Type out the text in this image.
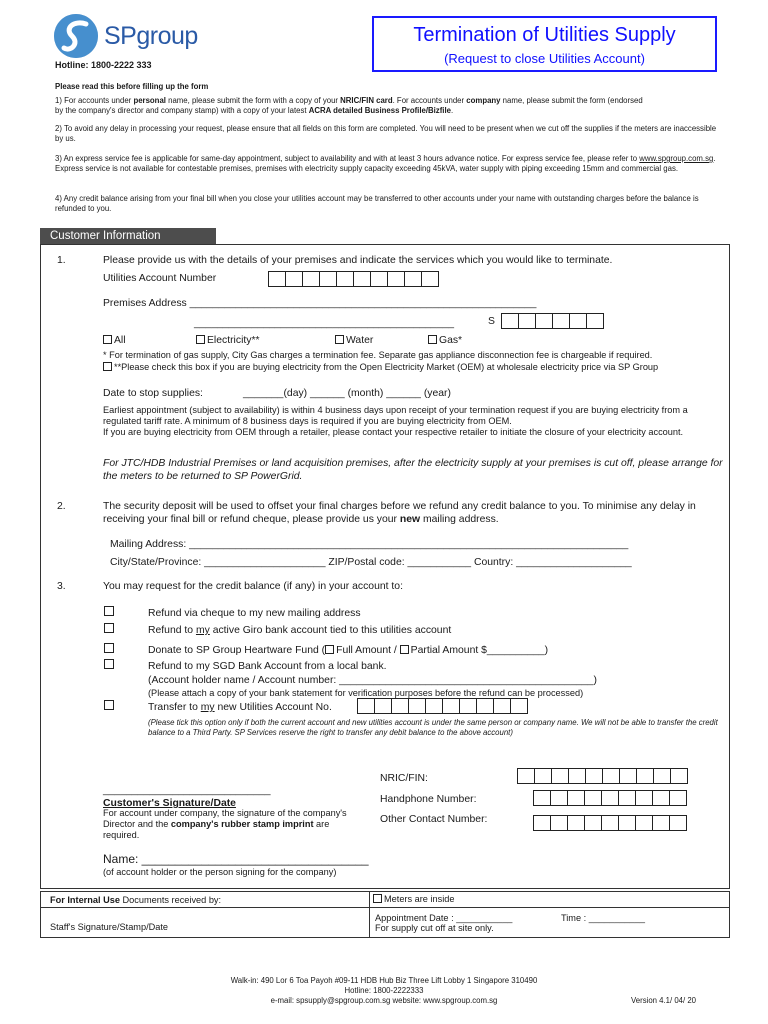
SPgroup
Hotline: 1800-2222 333
Termination of Utilities Supply
(Request to close Utilities Account)
Please read this before filling up the form
1) For accounts under personal name, please submit the form with a copy of your NRIC/FIN card. For accounts under company name, please submit the form (endorsed
by the company's director and company stamp) with a copy of your latest ACRA detailed Business Profile/Bizfile.
2) To avoid any delay in processing your request, please ensure that all fields on this form are completed. You will need to be present when we cut off the supplies if the meters are inaccessible by us.
3) An express service fee is applicable for same-day appointment, subject to availability and with at least 3 hours advance notice. For express service fee, please refer to www.spgroup.com.sg. Express service is not available for contestable premises, premises with electricity supply capacity exceeding 45kVA, water supply with piping exceeding 15mm and commercial gas.
4) Any credit balance arising from your final bill when you close your utilities account may be transferred to other accounts under your name with outstanding charges before the balance is refunded to you.
Customer Information
1.	Please provide us with the details of your premises and indicate the services which you would like to terminate.
Utilities Account Number
Premises Address ____________________________________________________________
_____________________________________________	S
All	Electricity**	Water	Gas*
* For termination of gas supply, City Gas charges a termination fee. Separate gas appliance disconnection fee is chargeable if required.
**Please check this box if you are buying electricity from the Open Electricity Market (OEM) at wholesale electricity price via SP Group
Date to stop supplies:	_______(day) ______ (month) ______ (year)
Earliest appointment (subject to availability) is within 4 business days upon receipt of your termination request if you are buying electricity from a regulated tariff rate. A minimum of 8 business days is required if you are buying electricity from OEM.
If you are buying electricity from OEM through a retailer, please contact your respective retailer to initiate the closure of your electricity account.
For JTC/HDB Industrial Premises or land acquisition premises, after the electricity supply at your premises is cut off, please arrange for the meters to be returned to SP PowerGrid.
2.	The security deposit will be used to offset your final charges before we refund any credit balance to you. To minimise any delay in receiving your final bill or refund cheque, please provide us your new mailing address.
Mailing Address: ____________________________________________________________________________
City/State/Province: _____________________ ZIP/Postal code: ___________ Country: ____________________
3.	You may request for the credit balance (if any) in your account to:
Refund via cheque to my new mailing address
Refund to my active Giro bank account tied to this utilities account
Donate to SP Group Heartware Fund ( Full Amount / Partial Amount $__________)
Refund to my SGD Bank Account from a local bank.
(Account holder name / Account number: ____________________________________________)
(Please attach a copy of your bank statement for verification purposes before the refund can be processed)
Transfer to my new Utilities Account No.
(Please tick this option only if both the current account and new utilities account is under the same person or company name. We will not be able to transfer the credit balance to a Third Party. SP Services reserve the right to transfer any debit balance to the above account)
_____________________________
Customer's Signature/Date
For account under company, the signature of the company's
Director and the company's rubber stamp imprint are required.
NRIC/FIN:
Handphone Number:
Other Contact Number:
Name: __________________________________
(of account holder or the person signing for the company)
For Internal Use Documents received by:	Meters are inside
Staff's Signature/Stamp/Date
Appointment Date : ___________	Time : ___________
For supply cut off at site only.
Walk-in: 490 Lor 6 Toa Payoh #09-11 HDB Hub Biz Three Lift Lobby 1 Singapore 310490
Hotline: 1800-2222333
e-mail: spsupply@spgroup.com.sg website: www.spgroup.com.sg	Version 4.1/ 04/ 20
